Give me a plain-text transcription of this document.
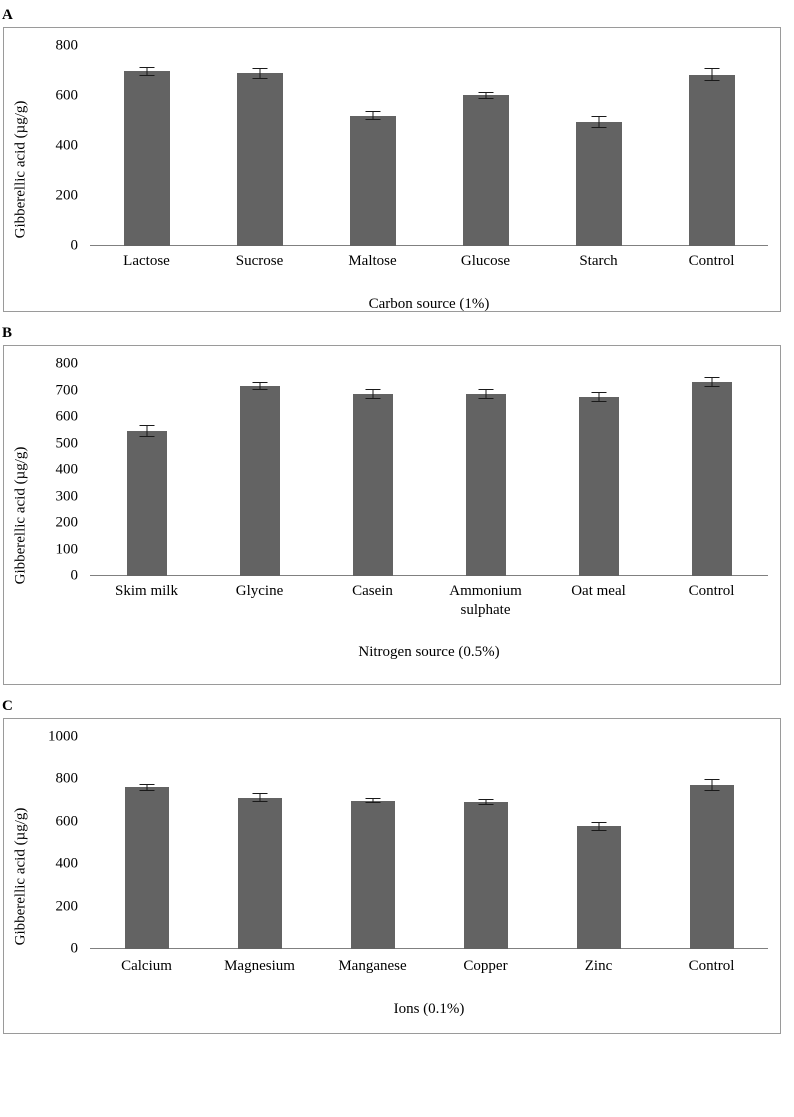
A
Gibberellic acid (µg/g)
0
200
400
600
800
Lactose	Sucrose	Maltose	Glucose	Starch	Control
Carbon source (1%)
B
Gibberellic acid (µg/g)	0
100
200
300
400
500
600
700
800
Skim milk	Glycine	Casein	Ammonium sulphate
Oat meal	Control
Nitrogen source (0.5%)
C
Gibberellic acid (µg/g)
0
200
400
600
800
1000
Calcium	Magnesium	Manganese	Copper	Zinc	Control
Ions (0.1%)
